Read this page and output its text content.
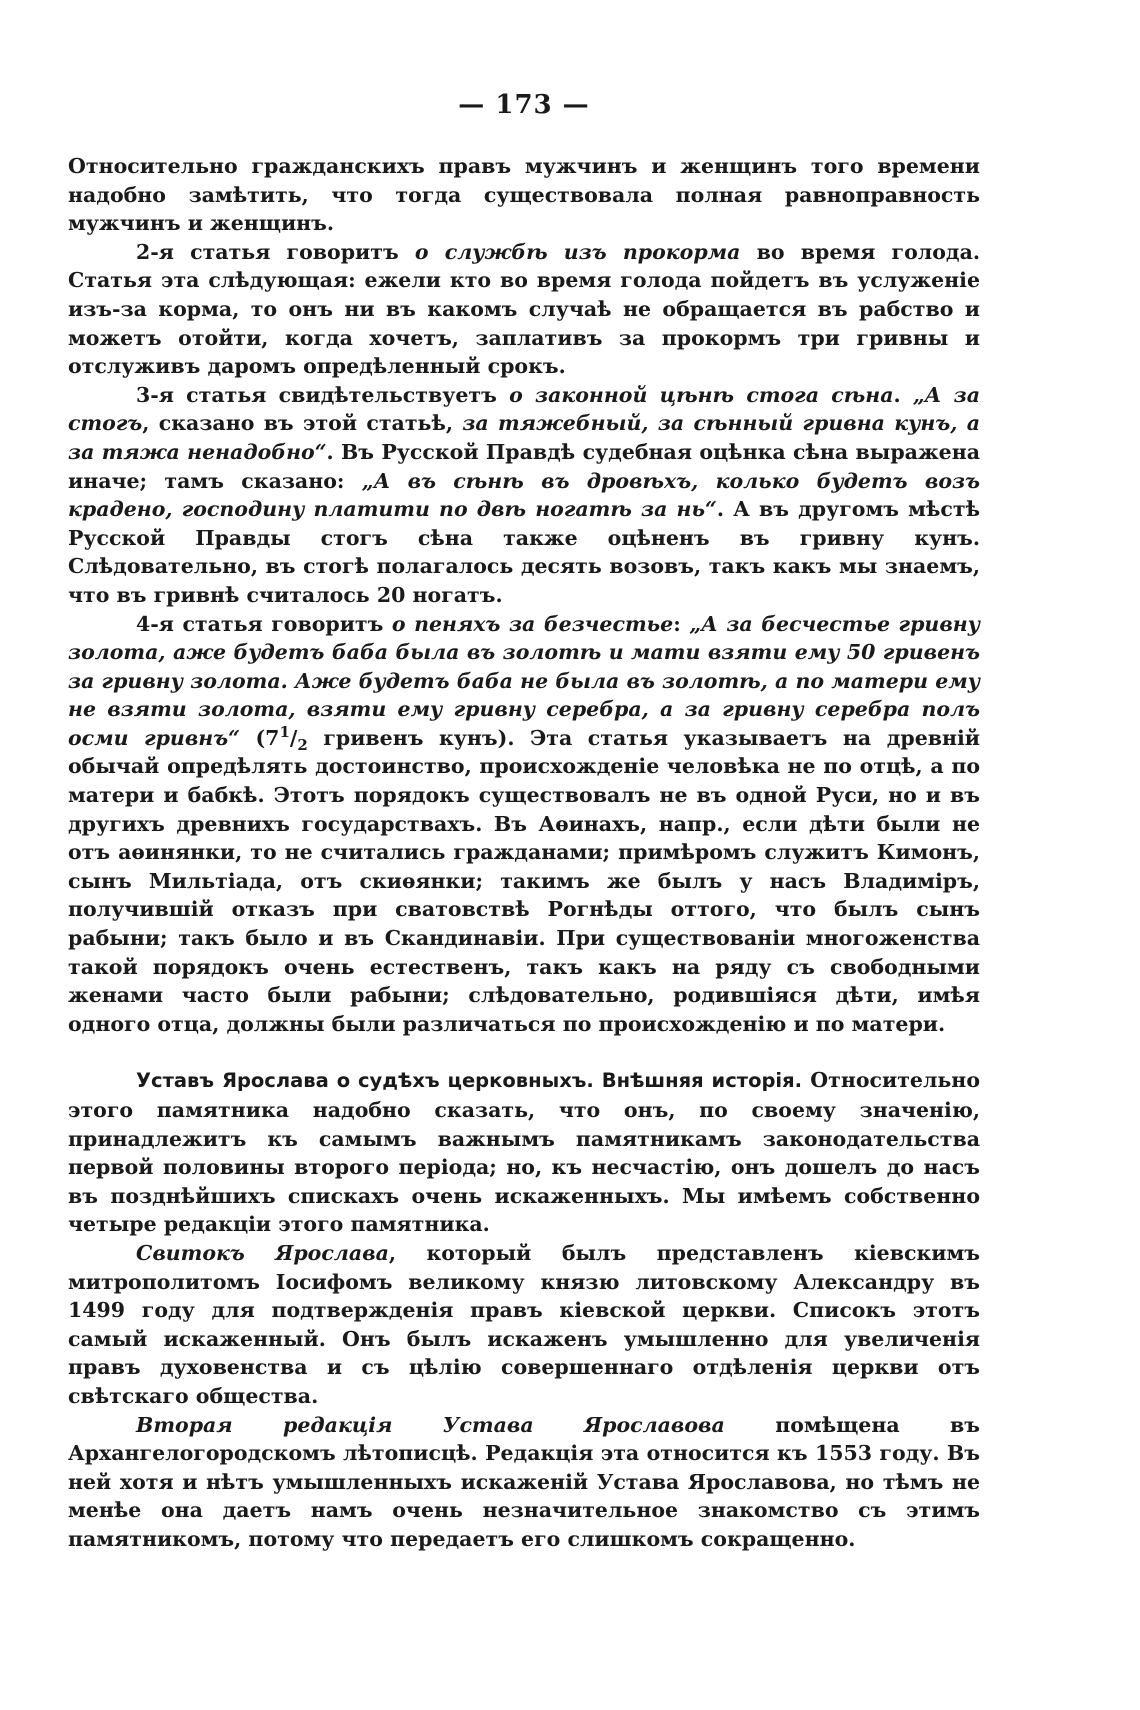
— 173 —

Относительно гражданскихъ правъ мужчинъ и женщинъ того времени надобно замѣтить, что тогда существовала полная равноправность мужчинъ и женщинъ.

2-я статья говоритъ о службѣ изъ прокорма во время голода. Статья эта слѣдующая: ежели кто во время голода пойдетъ въ услуженіе изъ-за корма, то онъ ни въ какомъ случаѣ не обращается въ рабство и можетъ отойти, когда хочетъ, заплативъ за прокормъ три гривны и отслуживъ даромъ опредѣленный срокъ.

3-я статья свидѣтельствуетъ о законной цѣнѣ стога сѣна. „А за стогъ, сказано въ этой статьѣ, за тяжебный, за сѣнный гривна кунъ, а за тяжа ненадобно“. Въ Русской Правдѣ судебная оцѣнка сѣна выражена иначе; тамъ сказано: „А въ сѣнѣ въ дровѣхъ, колько будетъ возъ крадено, господину платити по двѣ ногатѣ за нь“. А въ другомъ мѣстѣ Русской Правды стогъ сѣна также оцѣненъ въ гривну кунъ. Слѣдовательно, въ стогѣ полагалось десять возовъ, такъ какъ мы знаемъ, что въ гривнѣ считалось 20 ногатъ.

4-я статья говоритъ о пеняхъ за безчестье: „А за бесчестье гривну золота, аже будетъ баба была въ золотѣ и мати взяти ему 50 гривенъ за гривну золота. Аже будетъ баба не была въ золотѣ, а по матери ему не взяти золота, взяти ему гривну серебра, а за гривну серебра полъ осми гривнъ“ ($7^1/_2$ гривенъ кунъ). Эта статья указываетъ на древній обычай опредѣлять достоинство, происхожденіе человѣка не по отцѣ, а по матери и бабкѣ. Этотъ порядокъ существовалъ не въ одной Руси, но и въ другихъ древнихъ государствахъ. Въ Аѳинахъ, напр., если дѣти были не отъ аѳинянки, то не считались гражданами; примѣромъ служитъ Кимонъ, сынъ Мильтіада, отъ скиѳянки; такимъ же былъ у насъ Владиміръ, получившій отказъ при сватовствѣ Рогнѣды оттого, что былъ сынъ рабыни; такъ было и въ Скандинавіи. При существованіи многоженства такой порядокъ очень естественъ, такъ какъ на ряду съ свободными женами часто были рабыни; слѣдовательно, родившіяся дѣти, имѣя одного отца, должны были различаться по происхожденію и по матери.

Уставъ Ярослава о судѣхъ церковныхъ. Внѣшняя исторія. Относительно этого памятника надобно сказать, что онъ, по своему значенію, принадлежитъ къ самымъ важнымъ памятникамъ законодательства первой половины второго періода; но, къ несчастію, онъ дошелъ до насъ въ позднѣйшихъ спискахъ очень искаженныхъ. Мы имѣемъ собственно четыре редакціи этого памятника.

Свитокъ Ярослава, который былъ представленъ кіевскимъ митрополитомъ Іосифомъ великому князю литовскому Александру въ 1499 году для подтвержденія правъ кіевской церкви. Списокъ этотъ самый искаженный. Онъ былъ искаженъ умышленно для увеличенія правъ духовенства и съ цѣлію совершеннаго отдѣленія церкви отъ свѣтскаго общества.

Вторая редакція Устава Ярославова помѣщена въ Архангелогородскомъ лѣтописцѣ. Редакція эта относится къ 1553 году. Въ ней хотя и нѣтъ умышленныхъ искаженій Устава Ярославова, но тѣмъ не менѣе она даетъ намъ очень незначительное знакомство съ этимъ памятникомъ, потому что передаетъ его слишкомъ сокращенно.
